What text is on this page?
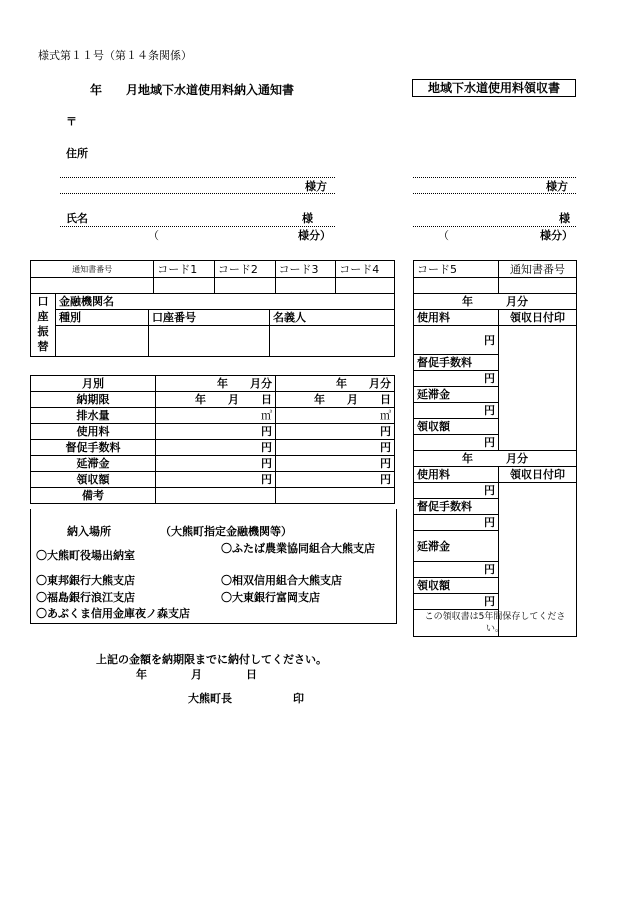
様式第１１号（第１４条関係）
年　　月地域下水道使用料納入通知書	地域下水道使用料領収書
〒
住所
様方	様方
氏名	様	様
（	様分）	（	様分）
通知書番号	コード1	コード2	コード3	コード4

口
座
振
替	金融機関名		
	種別	口座番号	名義人

月別	年　　月分	年　　月分
納期限	年　　月　　日	年　　月　　日
排水量	㎥	㎥
使用料	円	円
督促手数料	円	円
延滞金	円	円
領収額	円	円
備考		
納入場所	（大熊町指定金融機関等）
〇大熊町役場出納室
〇ふたば農業協同組合大熊支店
〇東邦銀行大熊支店	〇相双信用組合大熊支店
〇福島銀行浪江支店	〇大東銀行富岡支店
〇あぶくま信用金庫夜ノ森支店
コード5	通知書番号

年　　　月分	
使用料	領収日付印
円	
督促手数料	
円	
延滞金	
円	
領収額	
円	
年　　　月分	
使用料	領収日付印
円	
督促手数料	
円	
延滞金	
円	
領収額	
円	
この領収書は5年間保存してください。	
上記の金額を納期限までに納付してください。
年　　　　月　　　　日
大熊町長	印
